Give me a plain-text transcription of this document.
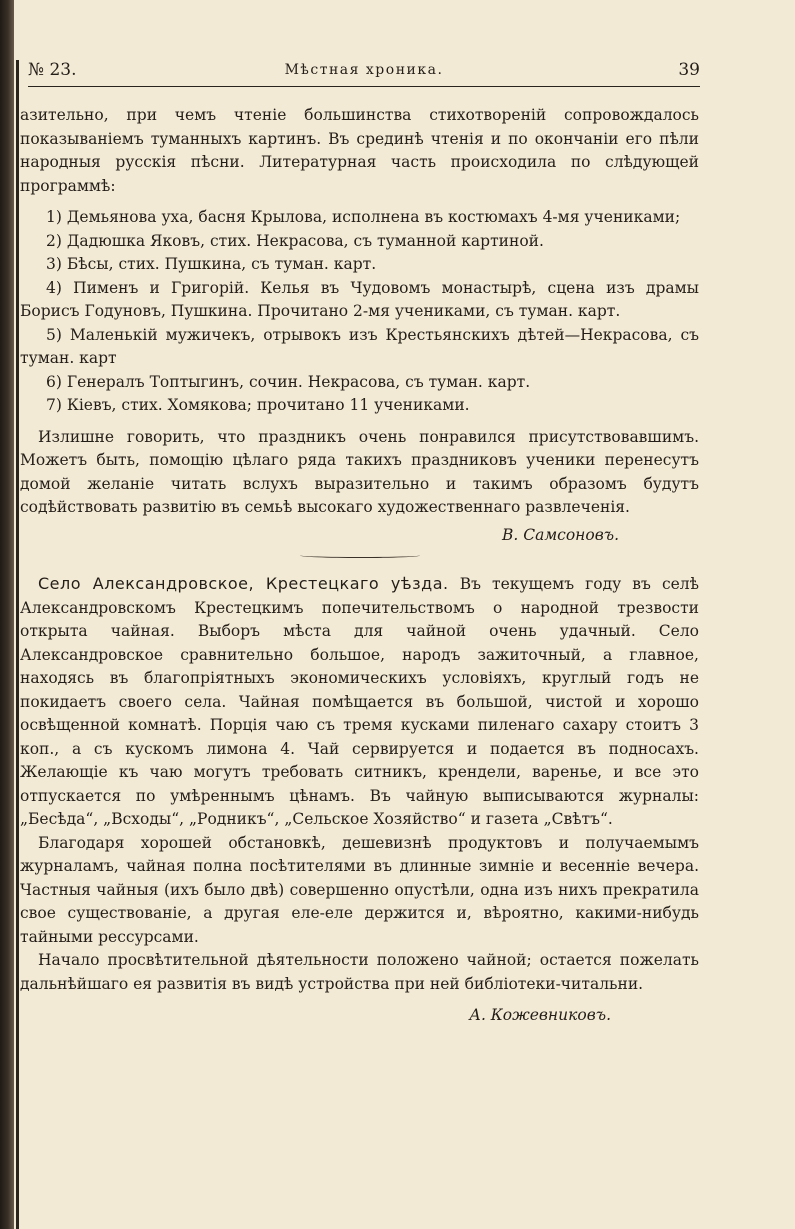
№ 23.	Мѣстная хроника.	39

азительно, при чемъ чтеніе большинства стихотвореній сопровождалось показываніемъ туманныхъ картинъ. Въ срединѣ чтенія и по окончаніи его пѣли народныя русскія пѣсни. Литературная часть происходила по слѣдующей программѣ:

1) Демьянова уха, басня Крылова, исполнена въ костюмахъ 4-мя учениками;

2) Дадюшка Яковъ, стих. Некрасова, съ туманной картиной.

3) Бѣсы, стих. Пушкина, съ туман. карт.

4) Пименъ и Григорій. Келья въ Чудовомъ монастырѣ, сцена изъ драмы Борисъ Годуновъ, Пушкина. Прочитано 2-мя учениками, съ туман. карт.

5) Маленькій мужичекъ, отрывокъ изъ Крестьянскихъ дѣтей—Некрасова, съ туман. карт

6) Генералъ Топтыгинъ, сочин. Некрасова, съ туман. карт.

7) Кіевъ, стих. Хомякова; прочитано 11 учениками.

Излишне говорить, что праздникъ очень понравился присутствовавшимъ. Можетъ быть, помощію цѣлаго ряда такихъ праздниковъ ученики перенесутъ домой желаніе читать вслухъ выразительно и такимъ образомъ будутъ содѣйствовать развитію въ семьѣ высокаго художественнаго развлеченія.

В. Самсоновъ.

Село Александровское, Крестецкаго уѣзда. Въ текущемъ году въ селѣ Александровскомъ Крестецкимъ попечительствомъ о народной трезвости открыта чайная. Выборъ мѣста для чайной очень удачный. Село Александровское сравнительно большое, народъ зажиточный, а главное, находясь въ благопріятныхъ экономическихъ условіяхъ, круглый годъ не покидаетъ своего села. Чайная помѣщается въ большой, чистой и хорошо освѣщенной комнатѣ. Порція чаю съ тремя кусками пиленаго сахару стоитъ 3 коп., а съ кускомъ лимона 4. Чай сервируется и подается въ подносахъ. Желающіе къ чаю могутъ требовать ситникъ, крендели, варенье, и все это отпускается по умѣреннымъ цѣнамъ. Въ чайную выписываются журналы: „Бесѣда“, „Всходы“, „Родникъ“, „Сельское Хозяйство“ и газета „Свѣтъ“.

Благодаря хорошей обстановкѣ, дешевизнѣ продуктовъ и получаемымъ журналамъ, чайная полна посѣтителями въ длинные зимніе и весенніе вечера. Частныя чайныя (ихъ было двѣ) совершенно опустѣли, одна изъ нихъ прекратила свое существованіе, а другая еле-еле держится и, вѣроятно, какими-нибудь тайными рессурсами.

Начало просвѣтительной дѣятельности положено чайной; остается пожелать дальнѣйшаго ея развитія въ видѣ устройства при ней библіотеки-читальни.

А. Кожевниковъ.
